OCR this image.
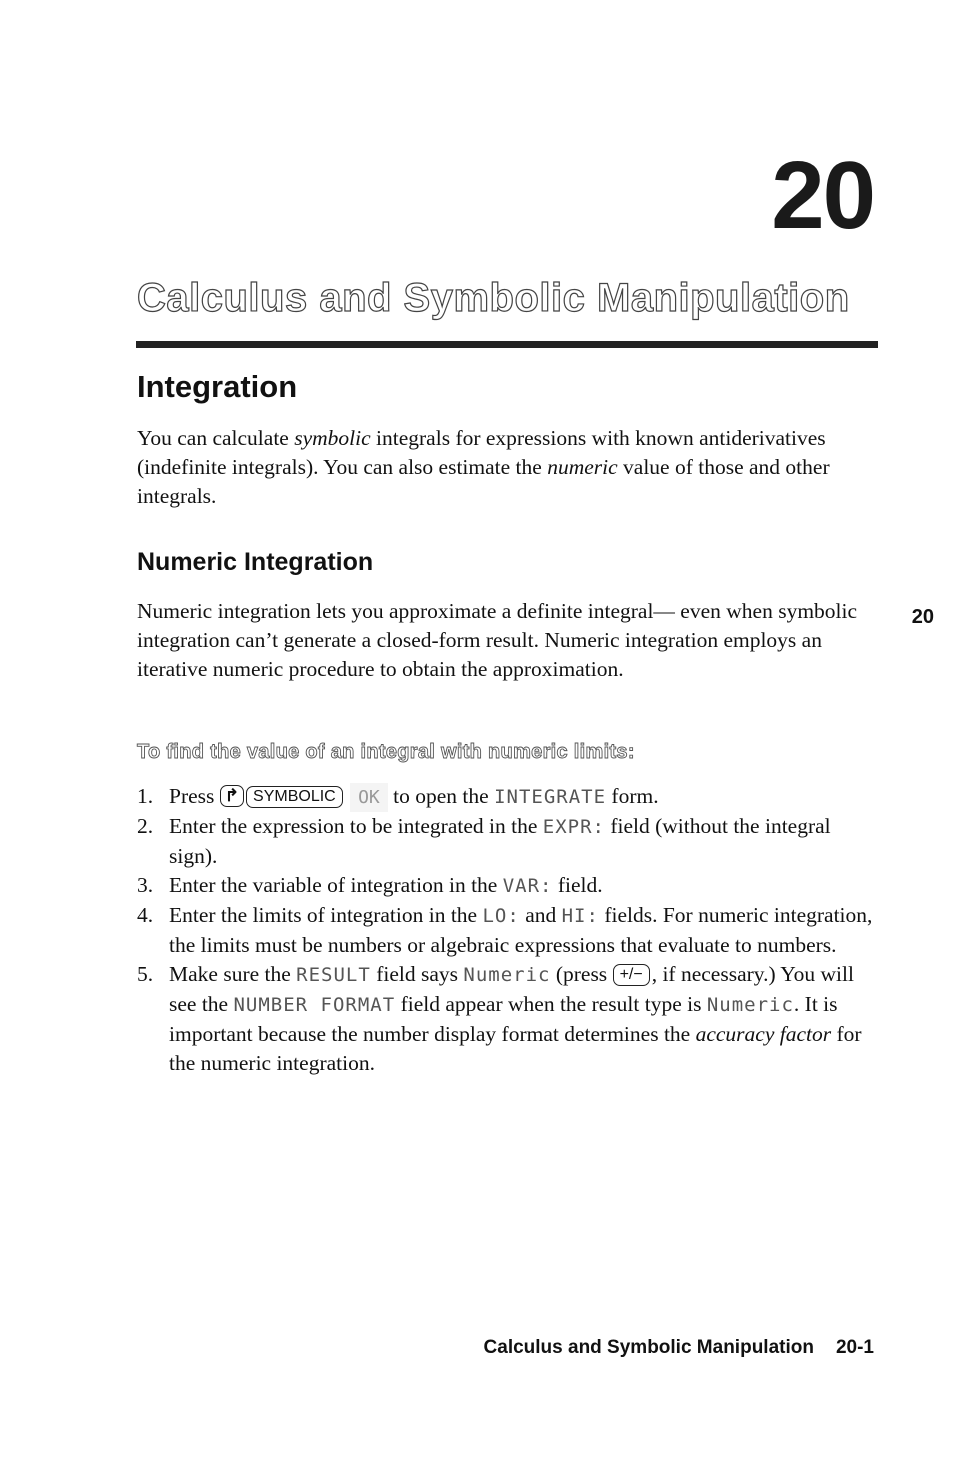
20
Calculus and Symbolic Manipulation
Integration

You can calculate symbolic integrals for expressions with known antiderivatives (indefinite integrals). You can also estimate the numeric value of those and other integrals.

Numeric Integration

Numeric integration lets you approximate a definite integral— even when symbolic integration can’t generate a closed-form result. Numeric integration employs an iterative numeric procedure to obtain the approximation.

20
To find the value of an integral with numeric limits:
1. Press ↱ SYMBOLIC OK to open the INTEGRATE form.
2. Enter the expression to be integrated in the EXPR: field (without the integral sign).
3. Enter the variable of integration in the VAR: field.
4. Enter the limits of integration in the LO: and HI: fields. For numeric integration, the limits must be numbers or algebraic expressions that evaluate to numbers.
5. Make sure the RESULT field says Numeric (press +/− , if necessary.) You will see the NUMBER FORMAT field appear when the result type is Numeric. It is important because the number display format determines the accuracy factor for the numeric integration.
Calculus and Symbolic Manipulation 20-1
